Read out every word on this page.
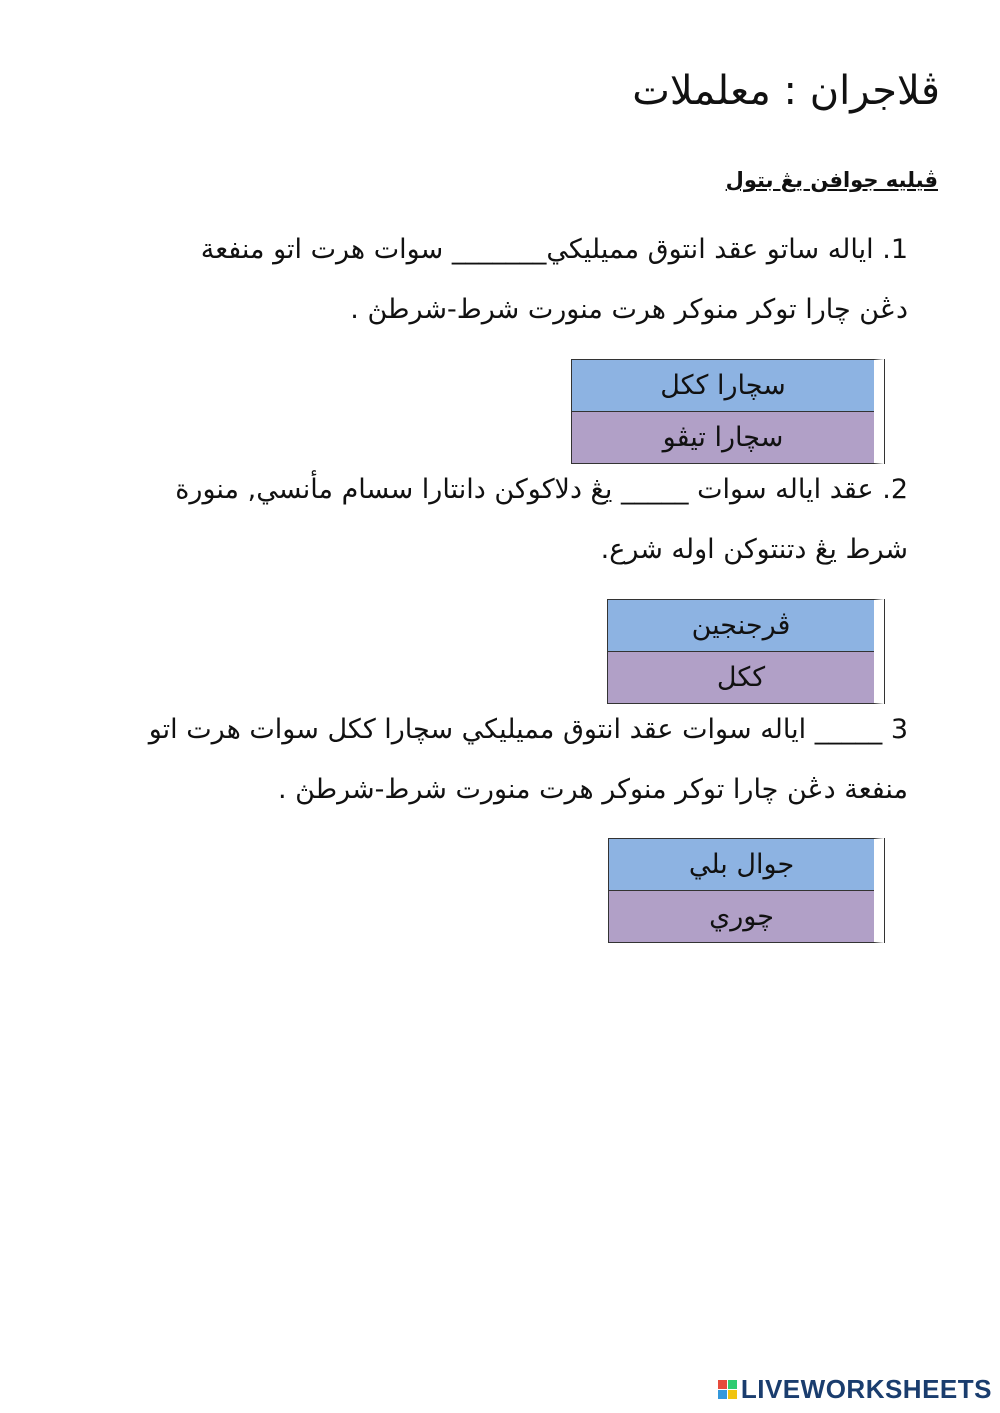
ڤلاجران : معلملات
ڤيليه جوافن يڠ بتول
1. اياله ساتو عقد انتوق مميليكي_______ سوات هرت اتو منفعة
دڠن چارا توکر منوکر هرت منورت شرط-شرطڽ .
سچارا ککل
سچارا تيڤو
2. عقد اياله سوات _____ يڠ دلاکوکن دانتارا سسام مأنسي, منورة
شرط يڠ دتنتوکن اوله شرع.
ڤرجنجين
ککل
3 _____ اياله سوات عقد انتوق مميليكي سچارا ککل سوات هرت اتو
منفعة دڠن چارا توکر منوکر هرت منورت شرط-شرطڽ .
جوال بلي
چوري
LIVEWORKSHEETS
